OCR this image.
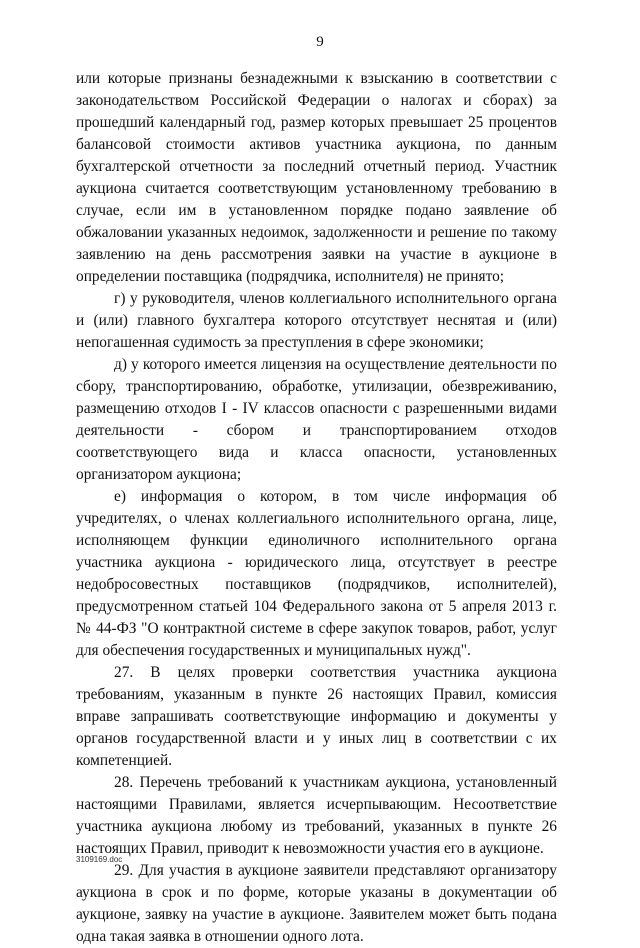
9

или которые признаны безнадежными к взысканию в соответствии с законодательством Российской Федерации о налогах и сборах) за прошедший календарный год, размер которых превышает 25 процентов балансовой стоимости активов участника аукциона, по данным бухгалтерской отчетности за последний отчетный период. Участник аукциона считается соответствующим установленному требованию в случае, если им в установленном порядке подано заявление об обжаловании указанных недоимок, задолженности и решение по такому заявлению на день рассмотрения заявки на участие в аукционе в определении поставщика (подрядчика, исполнителя) не принято;

г) у руководителя, членов коллегиального исполнительного органа и (или) главного бухгалтера которого отсутствует неснятая и (или) непогашенная судимость за преступления в сфере экономики;

д) у которого имеется лицензия на осуществление деятельности по сбору, транспортированию, обработке, утилизации, обезвреживанию, размещению отходов I - IV классов опасности с разрешенными видами деятельности - сбором и транспортированием отходов соответствующего вида и класса опасности, установленных организатором аукциона;

е) информация о котором, в том числе информация об учредителях, о членах коллегиального исполнительного органа, лице, исполняющем функции единоличного исполнительного органа участника аукциона - юридического лица, отсутствует в реестре недобросовестных поставщиков (подрядчиков, исполнителей), предусмотренном статьей 104 Федерального закона от 5 апреля 2013 г. № 44-ФЗ "О контрактной системе в сфере закупок товаров, работ, услуг для обеспечения государственных и муниципальных нужд".

27. В целях проверки соответствия участника аукциона требованиям, указанным в пункте 26 настоящих Правил, комиссия вправе запрашивать соответствующие информацию и документы у органов государственной власти и у иных лиц в соответствии с их компетенцией.

28. Перечень требований к участникам аукциона, установленный настоящими Правилами, является исчерпывающим. Несоответствие участника аукциона любому из требований, указанных в пункте 26 настоящих Правил, приводит к невозможности участия его в аукционе.

29. Для участия в аукционе заявители представляют организатору аукциона в срок и по форме, которые указаны в документации об аукционе, заявку на участие в аукционе. Заявителем может быть подана одна такая заявка в отношении одного лота.

3109169.doc
